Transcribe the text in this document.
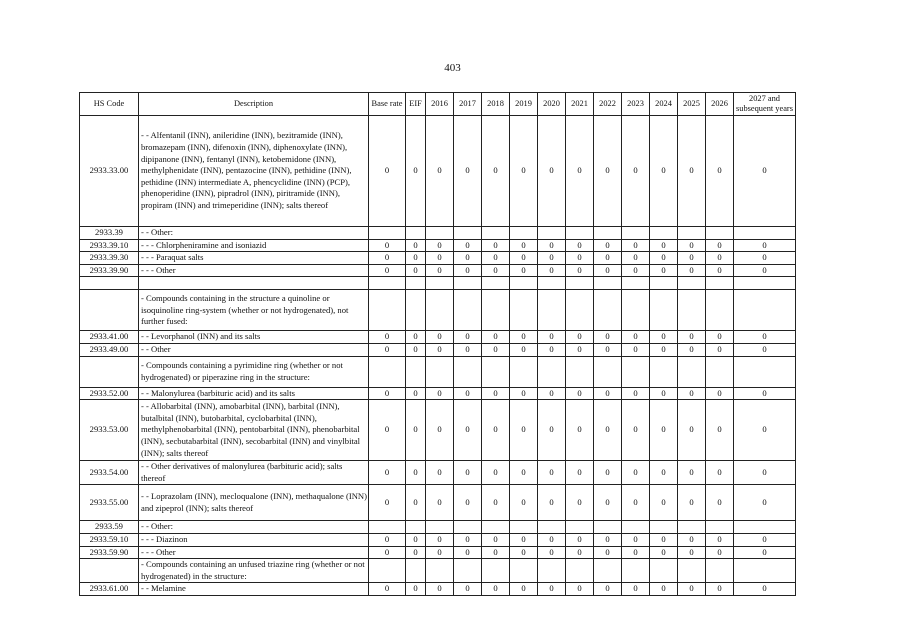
403
HS Code	Description	Base rate	EIF	2016	2017	2018	2019	2020	2021	2022	2023	2024	2025	2026	2027 and subsequent years
2933.33.00	- - Alfentanil (INN), anileridine (INN), bezitramide (INN), bromazepam (INN), difenoxin (INN), diphenoxylate (INN), dipipanone (INN), fentanyl (INN), ketobemidone (INN), methylphenidate (INN), pentazocine (INN), pethidine (INN), pethidine (INN) intermediate A, phencyclidine (INN) (PCP), phenoperidine (INN), pipradrol (INN), piritramide (INN), propiram (INN) and trimeperidine (INN); salts thereof	0	0	0	0	0	0	0	0	0	0	0	0	0	0
2933.39	- - Other:														
2933.39.10	- - - Chlorpheniramine and isoniazid	0	0	0	0	0	0	0	0	0	0	0	0	0	0
2933.39.30	- - - Paraquat salts	0	0	0	0	0	0	0	0	0	0	0	0	0	0
2933.39.90	- - - Other	0	0	0	0	0	0	0	0	0	0	0	0	0	0

	- Compounds containing in the structure a quinoline or isoquinoline ring-system (whether or not hydrogenated), not further fused:														
2933.41.00	- - Levorphanol (INN) and its salts	0	0	0	0	0	0	0	0	0	0	0	0	0	0
2933.49.00	- - Other	0	0	0	0	0	0	0	0	0	0	0	0	0	0
	- Compounds containing a pyrimidine ring (whether or not hydrogenated) or piperazine ring in the structure:														
2933.52.00	- - Malonylurea (barbituric acid) and its salts	0	0	0	0	0	0	0	0	0	0	0	0	0	0
2933.53.00	- - Allobarbital (INN), amobarbital (INN), barbital (INN), butalbital (INN), butobarbital, cyclobarbital (INN), methylphenobarbital (INN), pentobarbital (INN), phenobarbital (INN), secbutabarbital (INN), secobarbital (INN) and vinylbital (INN); salts thereof	0	0	0	0	0	0	0	0	0	0	0	0	0	0
2933.54.00	- - Other derivatives of malonylurea (barbituric acid); salts thereof	0	0	0	0	0	0	0	0	0	0	0	0	0	0
2933.55.00	- - Loprazolam (INN), mecloqualone (INN), methaqualone (INN) and zipeprol (INN); salts thereof	0	0	0	0	0	0	0	0	0	0	0	0	0	0
2933.59	- - Other:														
2933.59.10	- - - Diazinon	0	0	0	0	0	0	0	0	0	0	0	0	0	0
2933.59.90	- - - Other	0	0	0	0	0	0	0	0	0	0	0	0	0	0
	- Compounds containing an unfused triazine ring (whether or not hydrogenated) in the structure:														
2933.61.00	- - Melamine	0	0	0	0	0	0	0	0	0	0	0	0	0	0
